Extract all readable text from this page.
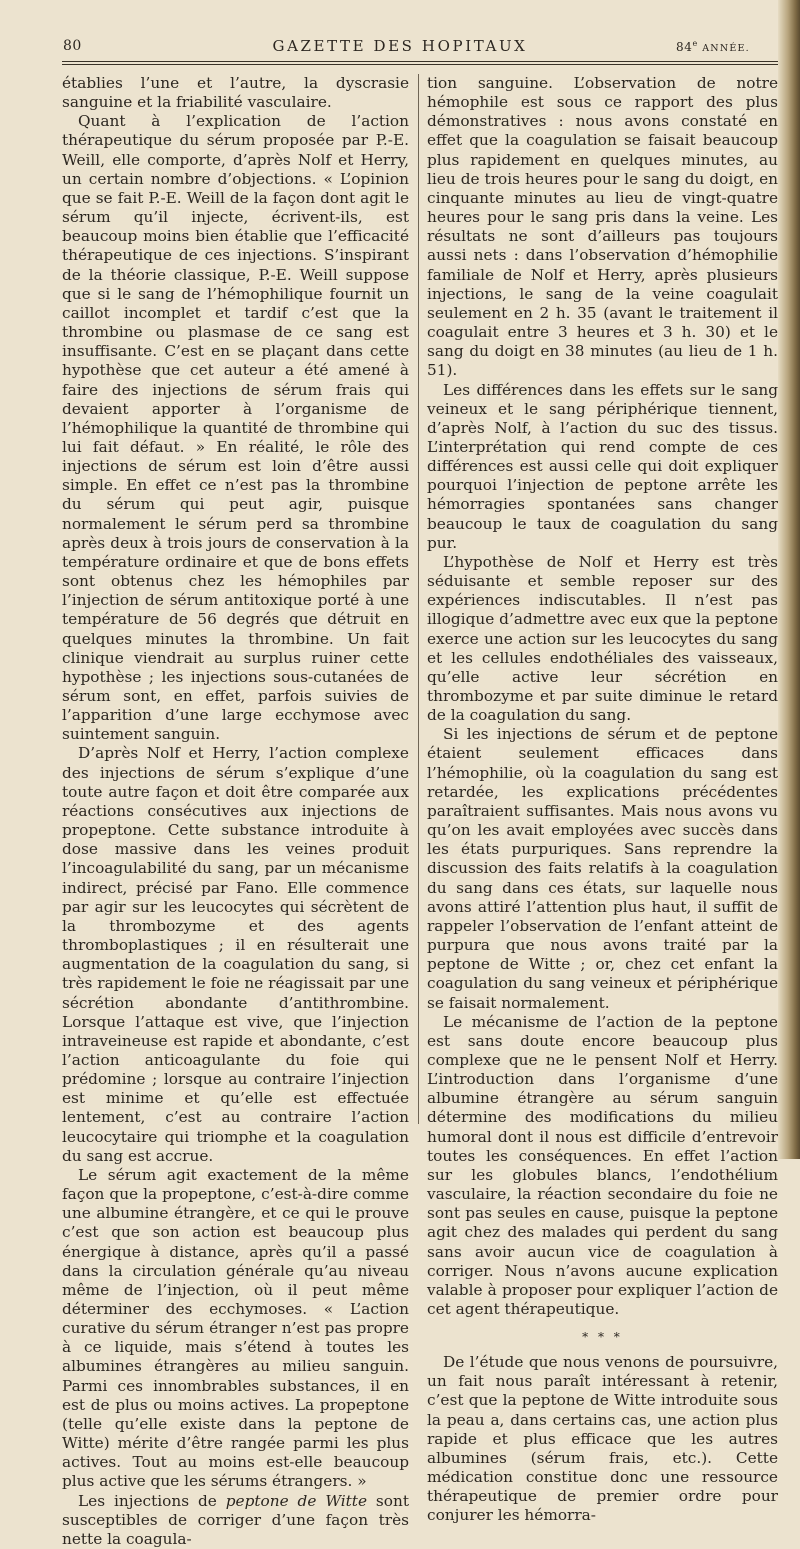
80	GAZETTE DES HOPITAUX	84e ANNÉE.

établies l’une et l’autre, la dyscrasie sanguine et la friabilité vasculaire.

Quant à l’explication de l’action thérapeutique du sérum proposée par P.-E. Weill, elle comporte, d’après Nolf et Herry, un certain nombre d’objections. « L’opinion que se fait P.-E. Weill de la façon dont agit le sérum qu’il injecte, écrivent-ils, est beaucoup moins bien établie que l’efficacité thérapeutique de ces injections. S’inspirant de la théorie classique, P.-E. Weill suppose que si le sang de l’hémophilique fournit un caillot incomplet et tardif c’est que la thrombine ou plasmase de ce sang est insuffisante. C’est en se plaçant dans cette hypothèse que cet auteur a été amené à faire des injections de sérum frais qui devaient apporter à l’organisme de l’hémophilique la quantité de thrombine qui lui fait défaut. » En réalité, le rôle des injections de sérum est loin d’être aussi simple. En effet ce n’est pas la thrombine du sérum qui peut agir, puisque normalement le sérum perd sa thrombine après deux à trois jours de conservation à la température ordinaire et que de bons effets sont obtenus chez les hémophiles par l’injection de sérum antitoxique porté à une température de 56 degrés que détruit en quelques minutes la thrombine. Un fait clinique viendrait au surplus ruiner cette hypothèse ; les injections sous-cutanées de sérum sont, en effet, parfois suivies de l’apparition d’une large ecchymose avec suintement sanguin.

D’après Nolf et Herry, l’action complexe des injections de sérum s’explique d’une toute autre façon et doit être comparée aux réactions consécutives aux injections de propeptone. Cette substance introduite à dose massive dans les veines produit l’incoagulabilité du sang, par un mécanisme indirect, précisé par Fano. Elle commence par agir sur les leucocytes qui sécrètent de la thrombozyme et des agents thromboplastiques ; il en résulterait une augmentation de la coagulation du sang, si très rapidement le foie ne réagissait par une sécrétion abondante d’antithrombine. Lorsque l’attaque est vive, que l’injection intraveineuse est rapide et abondante, c’est l’action anticoagulante du foie qui prédomine ; lorsque au contraire l’injection est minime et qu’elle est effectuée lentement, c’est au contraire l’action leucocytaire qui triomphe et la coagulation du sang est accrue.

Le sérum agit exactement de la même façon que la propeptone, c’est-à-dire comme une albumine étrangère, et ce qui le prouve c’est que son action est beaucoup plus énergique à distance, après qu’il a passé dans la circulation générale qu’au niveau même de l’injection, où il peut même déterminer des ecchymoses. « L’action curative du sérum étranger n’est pas propre à ce liquide, mais s’étend à toutes les albumines étrangères au milieu sanguin. Parmi ces innombrables substances, il en est de plus ou moins actives. La propeptone (telle qu’elle existe dans la peptone de Witte) mérite d’être rangée parmi les plus actives. Tout au moins est-elle beaucoup plus active que les sérums étrangers. »

Les injections de peptone de Witte sont susceptibles de corriger d’une façon très nette la coagula-

tion sanguine. L’observation de notre hémophile est sous ce rapport des plus démonstratives : nous avons constaté en effet que la coagulation se faisait beaucoup plus rapidement en quelques minutes, au lieu de trois heures pour le sang du doigt, en cinquante minutes au lieu de vingt-quatre heures pour le sang pris dans la veine. Les résultats ne sont d’ailleurs pas toujours aussi nets : dans l’observation d’hémophilie familiale de Nolf et Herry, après plusieurs injections, le sang de la veine coagulait seulement en 2 h. 35 (avant le traitement il coagulait entre 3 heures et 3 h. 30) et le sang du doigt en 38 minutes (au lieu de 1 h. 51).

Les différences dans les effets sur le sang veineux et le sang périphérique tiennent, d’après Nolf, à l’action du suc des tissus. L’interprétation qui rend compte de ces différences est aussi celle qui doit expliquer pourquoi l’injection de peptone arrête les hémorragies spontanées sans changer beaucoup le taux de coagulation du sang pur.

L’hypothèse de Nolf et Herry est très séduisante et semble reposer sur des expériences indiscutables. Il n’est pas illogique d’admettre avec eux que la peptone exerce une action sur les leucocytes du sang et les cellules endothéliales des vaisseaux, qu’elle active leur sécrétion en thrombozyme et par suite diminue le retard de la coagulation du sang.

Si les injections de sérum et de peptone étaient seulement efficaces dans l’hémophilie, où la coagulation du sang est retardée, les explications précédentes paraîtraient suffisantes. Mais nous avons vu qu’on les avait employées avec succès dans les états purpuriques. Sans reprendre la discussion des faits relatifs à la coagulation du sang dans ces états, sur laquelle nous avons attiré l’attention plus haut, il suffit de rappeler l’observation de l’enfant atteint de purpura que nous avons traité par la peptone de Witte ; or, chez cet enfant la coagulation du sang veineux et périphérique se faisait normalement.

Le mécanisme de l’action de la peptone est sans doute encore beaucoup plus complexe que ne le pensent Nolf et Herry. L’introduction dans l’organisme d’une albumine étrangère au sérum sanguin détermine des modifications du milieu humoral dont il nous est difficile d’entrevoir toutes les conséquences. En effet l’action sur les globules blancs, l’endothélium vasculaire, la réaction secondaire du foie ne sont pas seules en cause, puisque la peptone agit chez des malades qui perdent du sang sans avoir aucun vice de coagulation à corriger. Nous n’avons aucune explication valable à proposer pour expliquer l’action de cet agent thérapeutique.

* * *

De l’étude que nous venons de poursuivre, un fait nous paraît intéressant à retenir, c’est que la peptone de Witte introduite sous la peau a, dans certains cas, une action plus rapide et plus efficace que les autres albumines (sérum frais, etc.). Cette médication constitue donc une ressource thérapeutique de premier ordre pour conjurer les hémorra-
